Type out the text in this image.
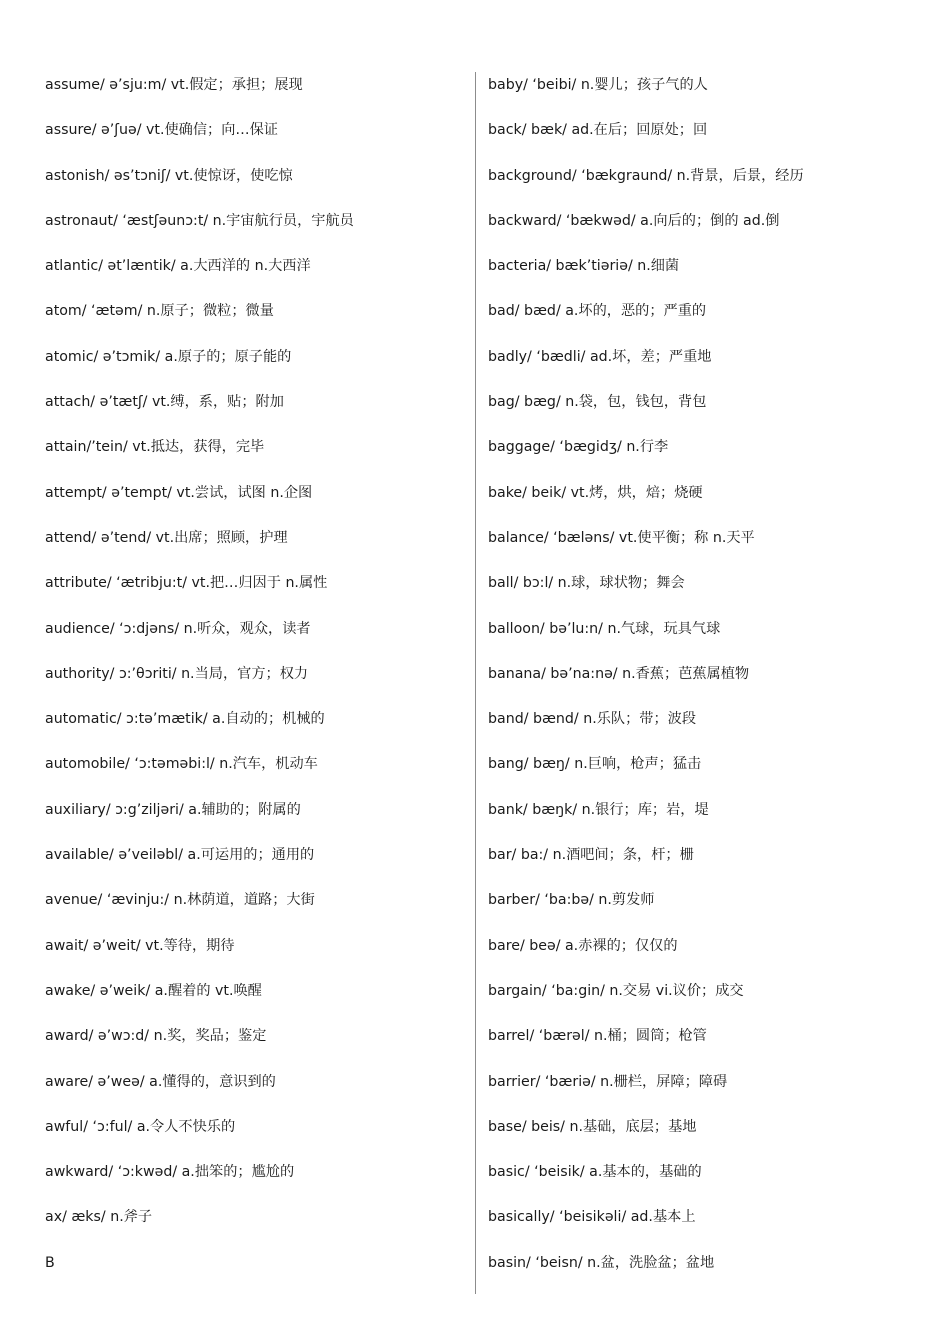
assume/ ə’sju:m/ vt.假定；承担；展现
assure/ ə’ʃuə/ vt.使确信；向…保证
astonish/ əs’tɔniʃ/ vt.使惊讶，使吃惊
astronaut/ ‘æstʃəunɔ:t/ n.宇宙航行员，宇航员
atlantic/ ət’læntik/ a.大西洋的 n.大西洋
atom/ ‘ætəm/ n.原子；微粒；微量
atomic/ ə’tɔmik/ a.原子的；原子能的
attach/ ə’tætʃ/ vt.缚，系，贴；附加
attain/’tein/ vt.抵达，获得，完毕
attempt/ ə’tempt/ vt.尝试，试图 n.企图
attend/ ə’tend/ vt.出席；照顾，护理
attribute/ ‘ætribju:t/ vt.把…归因于 n.属性
audience/ ‘ɔ:djəns/ n.听众，观众，读者
authority/ ɔ:’θɔriti/ n.当局，官方；权力
automatic/ ɔ:tə’mætik/ a.自动的；机械的
automobile/ ‘ɔ:təməbi:l/ n.汽车，机动车
auxiliary/ ɔ:g’ziljəri/ a.辅助的；附属的
available/ ə’veiləbl/ a.可运用的；通用的
avenue/ ‘ævinju:/ n.林荫道，道路；大街
await/ ə’weit/ vt.等待，期待
awake/ ə’weik/ a.醒着的 vt.唤醒
award/ ə’wɔ:d/ n.奖，奖品；鉴定
aware/ ə’weə/ a.懂得的，意识到的
awful/ ‘ɔ:ful/ a.令人不快乐的
awkward/ ‘ɔ:kwəd/ a.拙笨的；尴尬的
ax/ æks/ n.斧子
B
baby/ ‘beibi/ n.婴儿；孩子气的人
back/ bæk/ ad.在后；回原处；回
background/ ‘bækgraund/ n.背景，后景，经历
backward/ ‘bækwəd/ a.向后的；倒的 ad.倒
bacteria/ bæk’tiəriə/ n.细菌
bad/ bæd/ a.坏的，恶的；严重的
badly/ ‘bædli/ ad.坏，差；严重地
bag/ bæg/ n.袋，包，钱包，背包
baggage/ ‘bægidʒ/ n.行李
bake/ beik/ vt.烤，烘，焙；烧硬
balance/ ‘bæləns/ vt.使平衡；称 n.天平
ball/ bɔ:l/ n.球，球状物；舞会
balloon/ bə’lu:n/ n.气球，玩具气球
banana/ bə’na:nə/ n.香蕉；芭蕉属植物
band/ bænd/ n.乐队；带；波段
bang/ bæŋ/ n.巨响，枪声；猛击
bank/ bæŋk/ n.银行；库；岩，堤
bar/ ba:/ n.酒吧间；条，杆；栅
barber/ ‘ba:bə/ n.剪发师
bare/ beə/ a.赤裸的；仅仅的
bargain/ ‘ba:gin/ n.交易 vi.议价；成交
barrel/ ‘bærəl/ n.桶；圆筒；枪管
barrier/ ‘bæriə/ n.栅栏，屏障；障碍
base/ beis/ n.基础，底层；基地
basic/ ‘beisik/ a.基本的，基础的
basically/ ‘beisikəli/ ad.基本上
basin/ ‘beisn/ n.盆，洗脸盆；盆地
